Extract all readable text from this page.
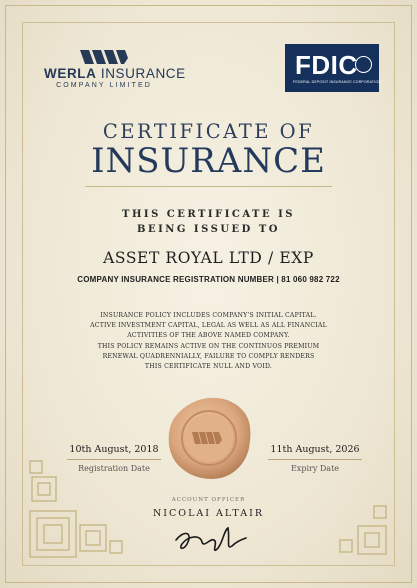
WERLA INSURANCE
COMPANY LIMITED
FDIC
FEDERAL DEPOSIT INSURANCE CORPORATION
CERTIFICATE OF
INSURANCE
THIS CERTIFICATE IS
BEING ISSUED TO
ASSET ROYAL LTD / EXP
COMPANY INSURANCE REGISTRATION NUMBER | 81 060 982 722
INSURANCE POLICY INCLUDES COMPANY'S INITIAL CAPITAL.
ACTIVE INVESTMENT CAPITAL, LEGAL AS WELL AS ALL FINANCIAL
ACTIVITIES OF THE ABOVE NAMED COMPANY.
THIS POLICY REMAINS ACTIVE ON THE CONTINUOS PREMIUM
RENEWAL QUADRENNIALLY, FAILURE TO COMPLY RENDERS
THIS CERTIFICATE NULL AND VOID.
10th August, 2018
Registration Date
11th August, 2026
Expiry Date
ACCOUNT OFFICER
NICOLAI ALTAIR
